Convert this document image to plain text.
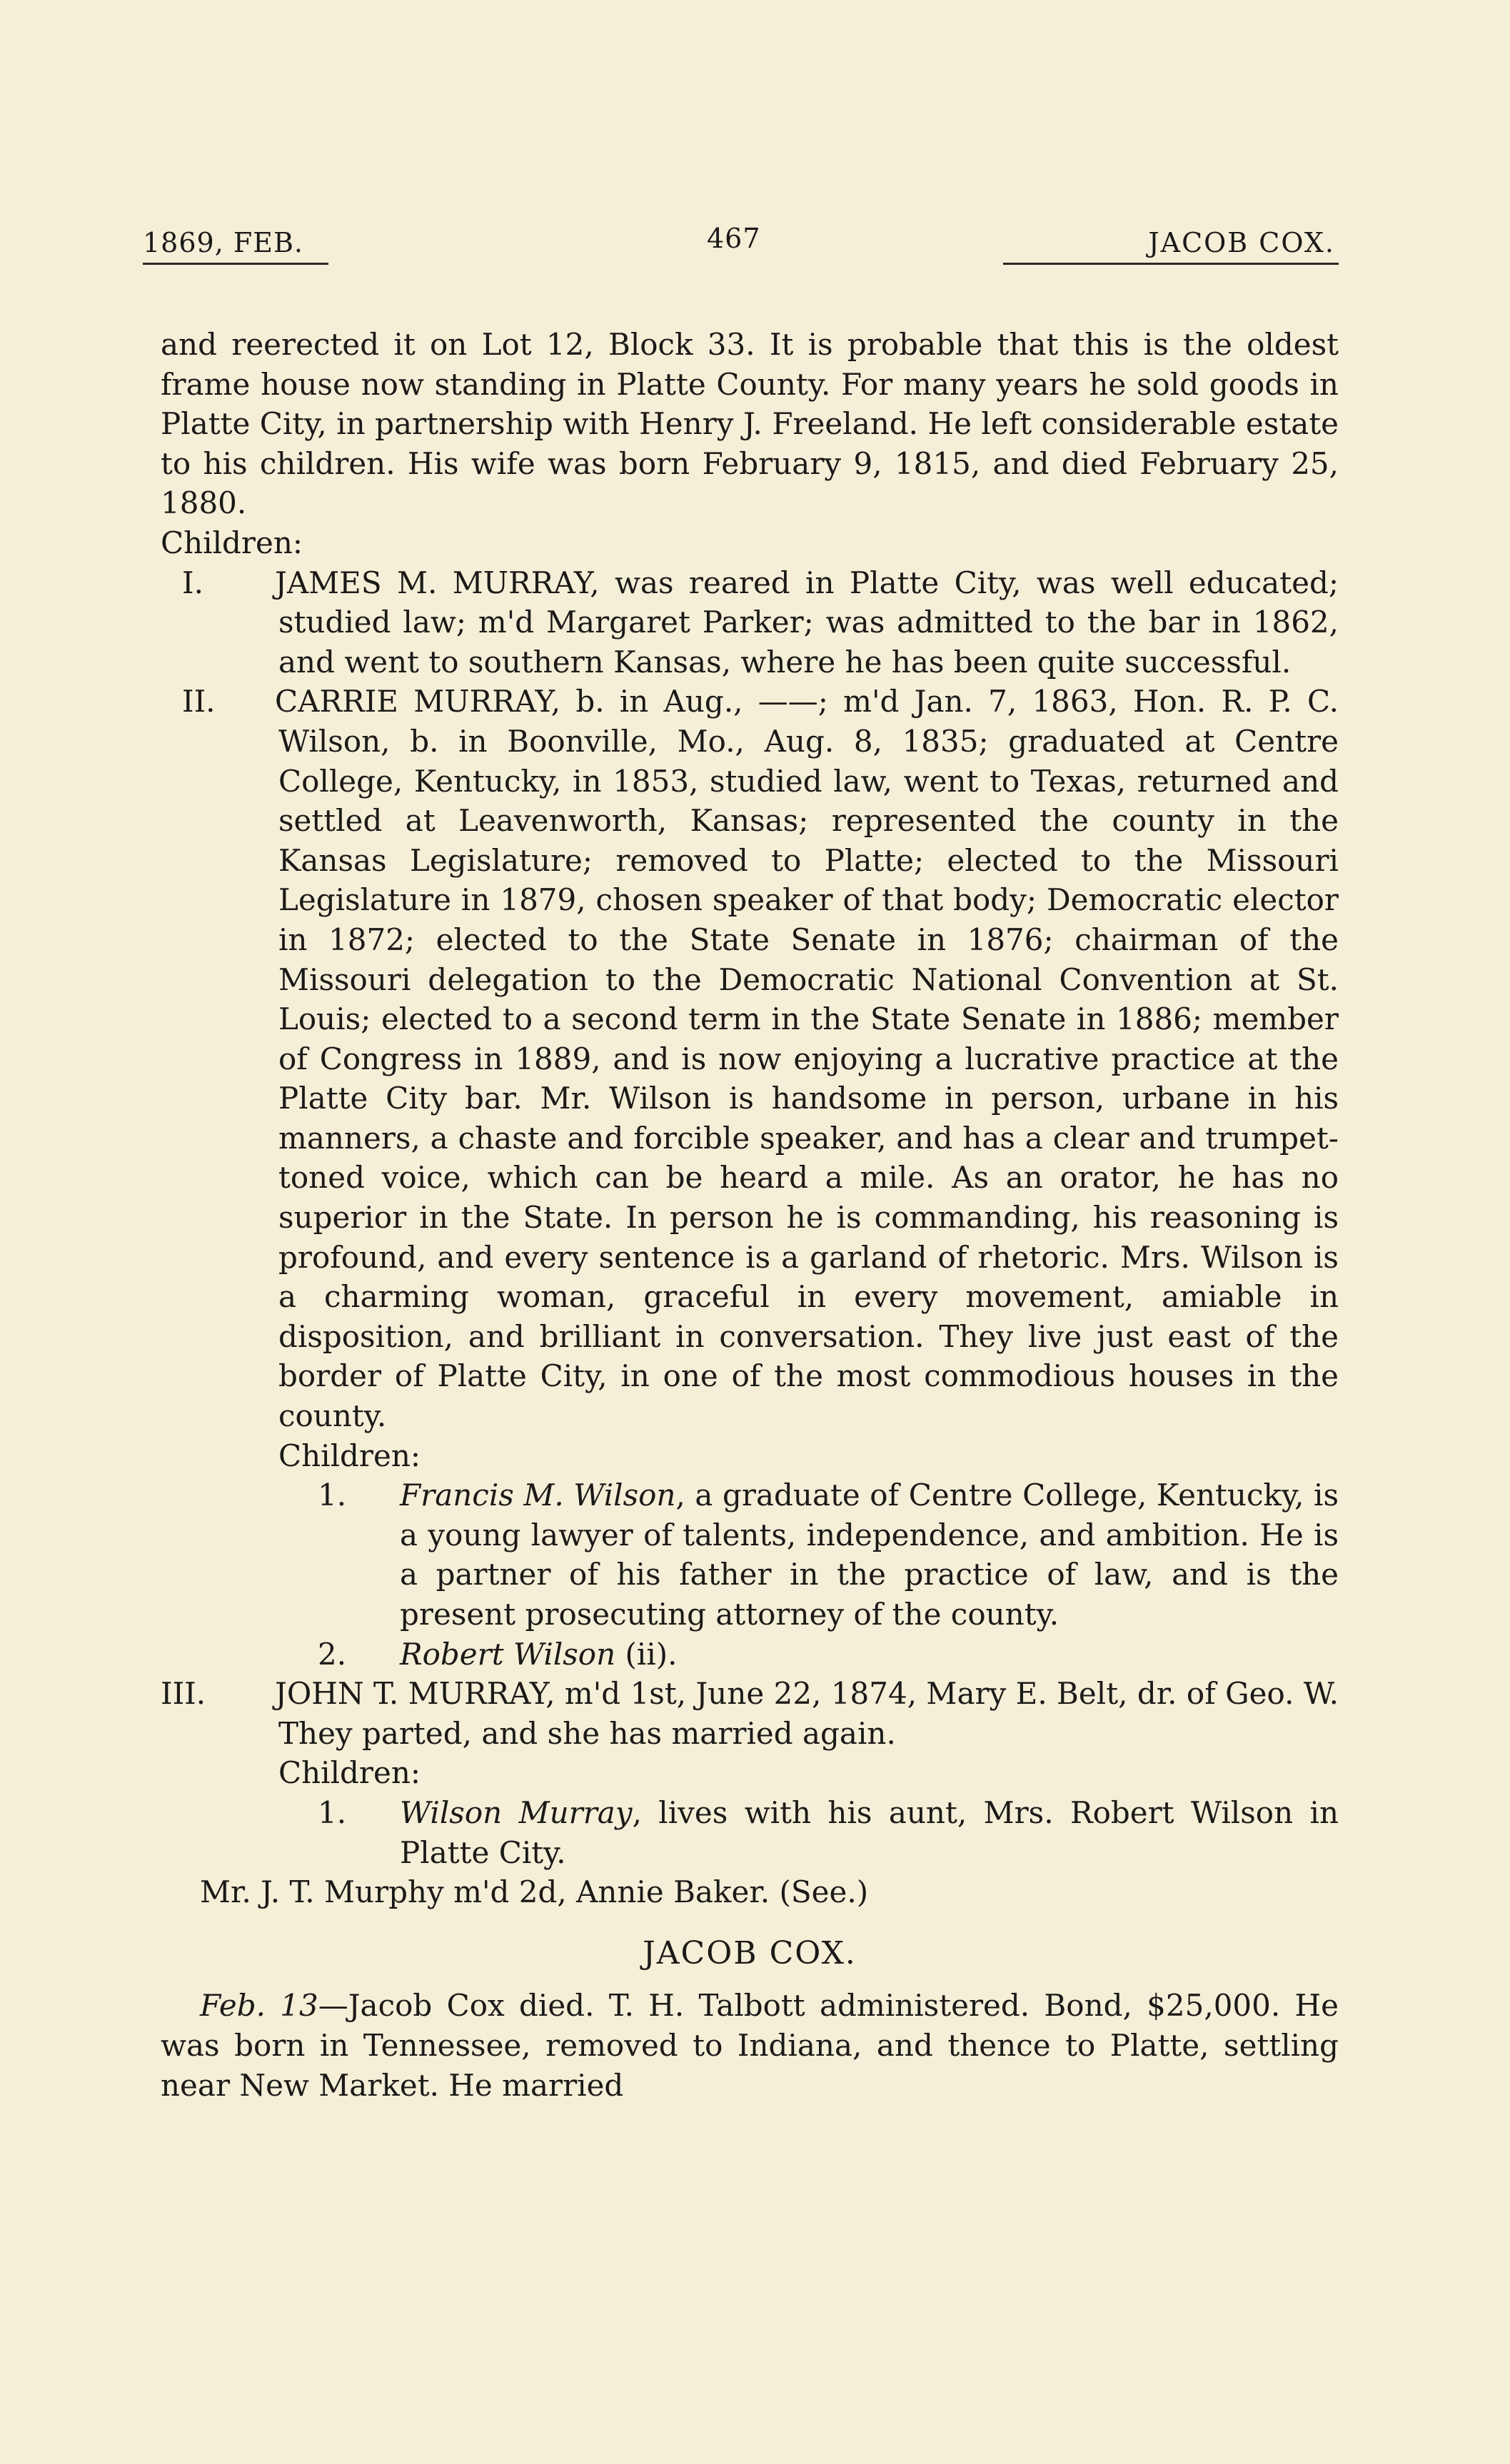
1869, FEB.	467	JACOB COX.

and reerected it on Lot 12, Block 33. It is probable that this is the oldest frame house now standing in Platte County. For many years he sold goods in Platte City, in partnership with Henry J. Freeland. He left considerable estate to his children. His wife was born February 9, 1815, and died February 25, 1880.

Children:

I. JAMES M. MURRAY, was reared in Platte City, was well educated; studied law; m'd Margaret Parker; was admitted to the bar in 1862, and went to southern Kansas, where he has been quite successful.

II. CARRIE MURRAY, b. in Aug., ——; m'd Jan. 7, 1863, Hon. R. P. C. Wilson, b. in Boonville, Mo., Aug. 8, 1835; graduated at Centre College, Kentucky, in 1853, studied law, went to Texas, returned and settled at Leavenworth, Kansas; represented the county in the Kansas Legislature; removed to Platte; elected to the Missouri Legislature in 1879, chosen speaker of that body; Democratic elector in 1872; elected to the State Senate in 1876; chairman of the Missouri delegation to the Democratic National Convention at St. Louis; elected to a second term in the State Senate in 1886; member of Congress in 1889, and is now enjoying a lucrative practice at the Platte City bar. Mr. Wilson is handsome in person, urbane in his manners, a chaste and forcible speaker, and has a clear and trumpet-toned voice, which can be heard a mile. As an orator, he has no superior in the State. In person he is commanding, his reasoning is profound, and every sentence is a garland of rhetoric. Mrs. Wilson is a charming woman, graceful in every movement, amiable in disposition, and brilliant in conversation. They live just east of the border of Platte City, in one of the most commodious houses in the county.

Children:

1. Francis M. Wilson, a graduate of Centre College, Kentucky, is a young lawyer of talents, independence, and ambition. He is a partner of his father in the practice of law, and is the present prosecuting attorney of the county.

2. Robert Wilson (ii).

III. JOHN T. MURRAY, m'd 1st, June 22, 1874, Mary E. Belt, dr. of Geo. W. They parted, and she has married again.

Children:

1. Wilson Murray, lives with his aunt, Mrs. Robert Wilson in Platte City.

Mr. J. T. Murphy m'd 2d, Annie Baker. (See.)

JACOB COX.

Feb. 13—Jacob Cox died. T. H. Talbott administered. Bond, $25,000. He was born in Tennessee, removed to Indiana, and thence to Platte, settling near New Market. He married
